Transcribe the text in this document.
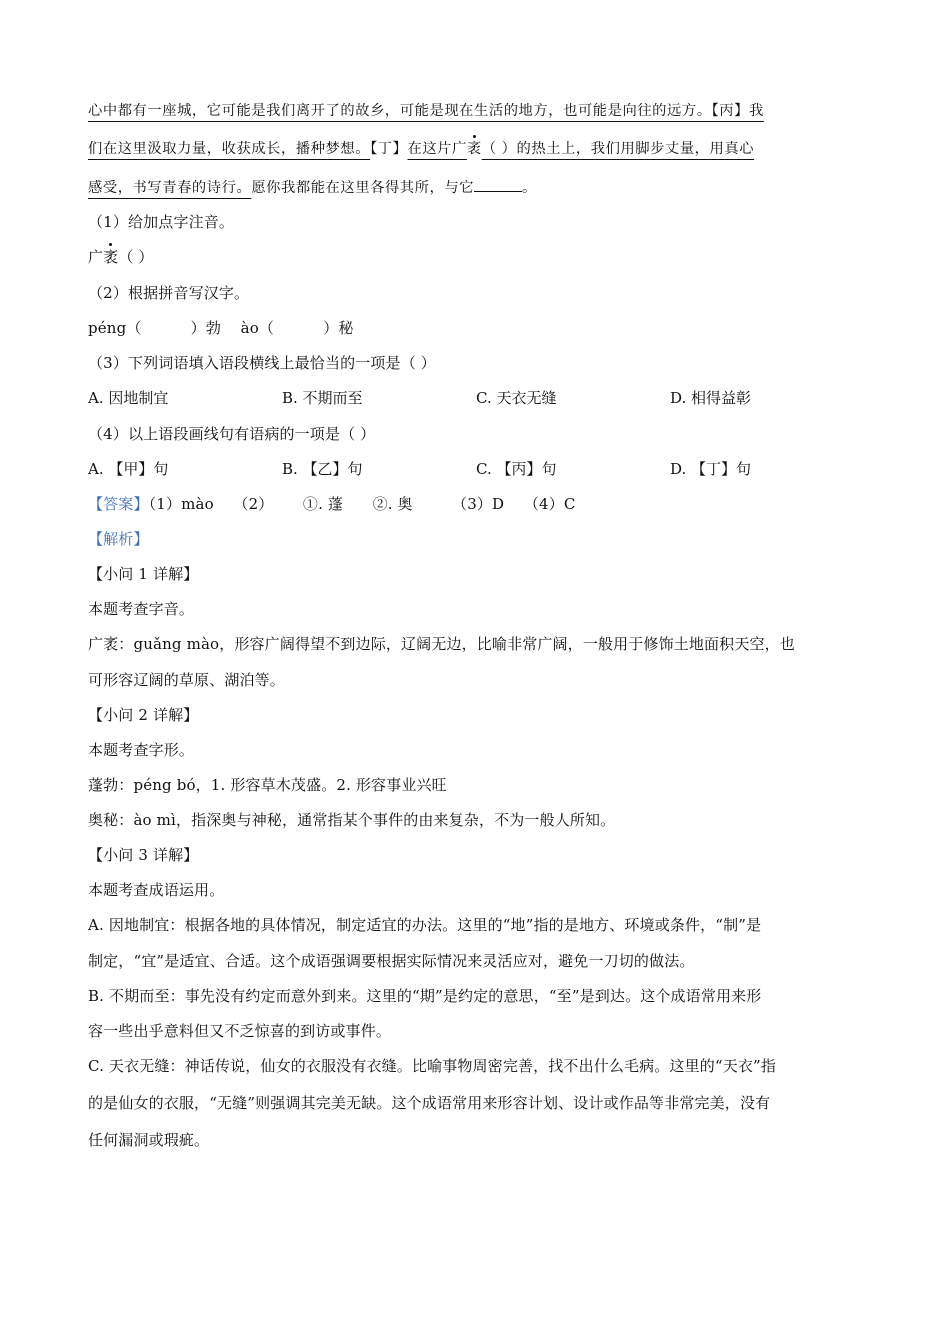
心中都有一座城，它可能是我们离开了的故乡，可能是现在生活的地方，也可能是向往的远方。【丙】我
们在这里汲取力量，收获成长，播种梦想。【丁】在这片广袤（ ）的热土上，我们用脚步丈量，用真心
感受，书写青春的诗行。愿你我都能在这里各得其所，与它	。
（1）给加点字注音。
广袤（ ）
（2）根据拼音写汉字。
péng（          ）勃    ào（          ）秘
（3）下列词语填入语段横线上最恰当的一项是（ ）
A. 因地制宜	B. 不期而至	C. 天衣无缝	D. 相得益彰
（4）以上语段画线句有语病的一项是（ ）
A. 【甲】句	B. 【乙】句	C. 【丙】句	D. 【丁】句
【答案】（1）mào    （2）      ①. 蓬      ②. 奥        （3）D    （4）C
【解析】
【小问 1 详解】
本题考查字音。
广袤：guǎng mào，形容广阔得望不到边际，辽阔无边，比喻非常广阔，一般用于修饰土地面积天空，也
可形容辽阔的草原、湖泊等。
【小问 2 详解】
本题考查字形。
蓬勃：péng bó，1. 形容草木茂盛。2. 形容事业兴旺
奥秘：ào mì，指深奥与神秘，通常指某个事件的由来复杂，不为一般人所知。
【小问 3 详解】
本题考查成语运用。
A. 因地制宜：根据各地的具体情况，制定适宜的办法。这里的“地”指的是地方、环境或条件，“制”是
制定，“宜”是适宜、合适。这个成语强调要根据实际情况来灵活应对，避免一刀切的做法。
B. 不期而至：事先没有约定而意外到来。这里的“期”是约定的意思，“至”是到达。这个成语常用来形
容一些出乎意料但又不乏惊喜的到访或事件。
C. 天衣无缝：神话传说，仙女的衣服没有衣缝。比喻事物周密完善，找不出什么毛病。这里的“天衣”指
的是仙女的衣服，“无缝”则强调其完美无缺。这个成语常用来形容计划、设计或作品等非常完美，没有
任何漏洞或瑕疵。
